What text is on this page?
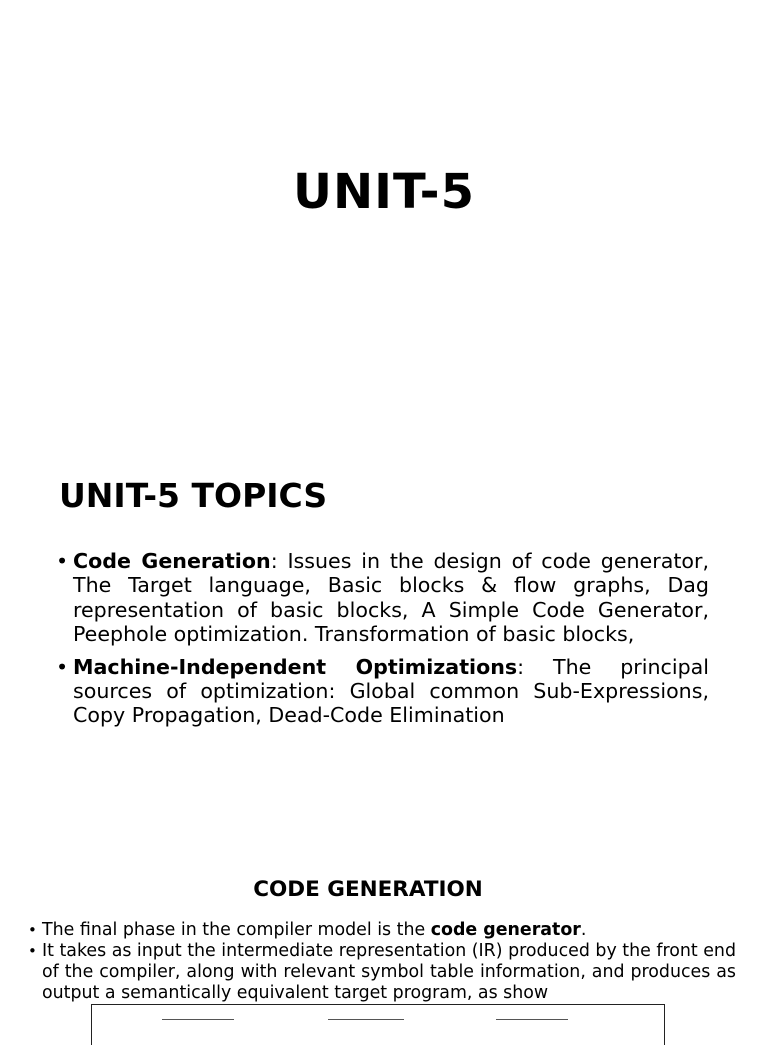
UNIT-5
UNIT-5 TOPICS
• Code Generation: Issues in the design of code generator, The Target language, Basic blocks & flow graphs, Dag representation of basic blocks, A Simple Code Generator, Peephole optimization. Transformation of basic blocks,
• Machine-Independent Optimizations: The principal sources of optimization: Global common Sub-Expressions, Copy Propagation, Dead-Code Elimination
CODE GENERATION
• The final phase in the compiler model is the code generator.
• It takes as input the intermediate representation (IR) produced by the front end of the compiler, along with relevant symbol table information, and produces as output a semantically equivalent target program, as show
